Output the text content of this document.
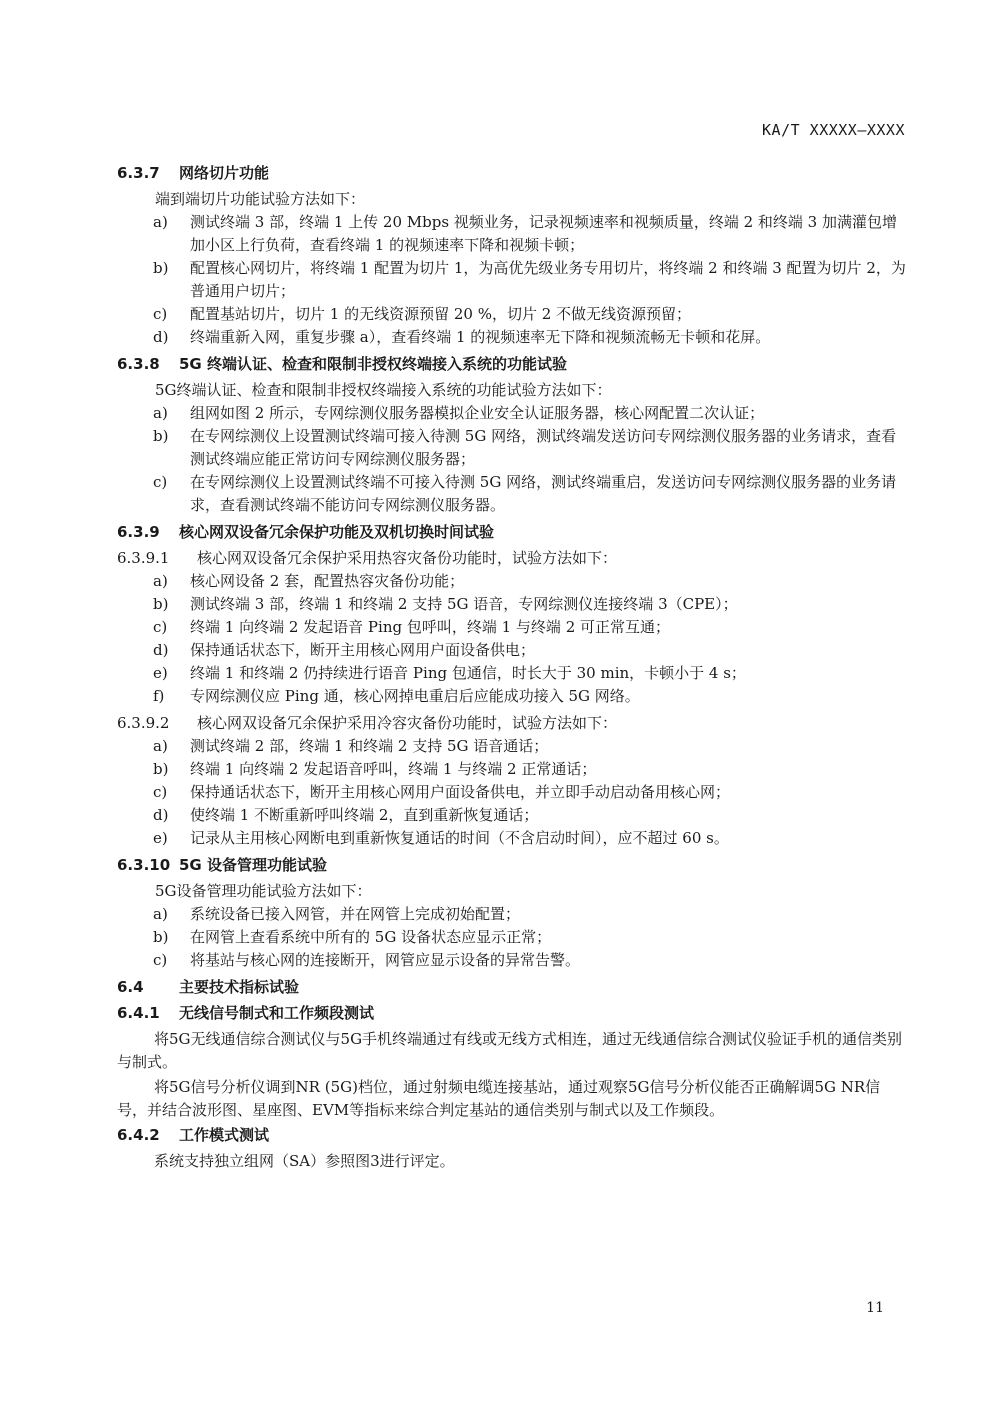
KA/T XXXXX—XXXX
6.3.7 网络切片功能
端到端切片功能试验方法如下：
a) 测试终端 3 部，终端 1 上传 20 Mbps 视频业务，记录视频速率和视频质量，终端 2 和终端 3 加满灌包增加小区上行负荷，查看终端 1 的视频速率下降和视频卡顿；
b) 配置核心网切片，将终端 1 配置为切片 1，为高优先级业务专用切片，将终端 2 和终端 3 配置为切片 2，为普通用户切片；
c) 配置基站切片，切片 1 的无线资源预留 20 %，切片 2 不做无线资源预留；
d) 终端重新入网，重复步骤 a），查看终端 1 的视频速率无下降和视频流畅无卡顿和花屏。
6.3.8 5G 终端认证、检查和限制非授权终端接入系统的功能试验
5G终端认证、检查和限制非授权终端接入系统的功能试验方法如下：
a) 组网如图 2 所示，专网综测仪服务器模拟企业安全认证服务器，核心网配置二次认证；
b) 在专网综测仪上设置测试终端可接入待测 5G 网络，测试终端发送访问专网综测仪服务器的业务请求，查看测试终端应能正常访问专网综测仪服务器；
c) 在专网综测仪上设置测试终端不可接入待测 5G 网络，测试终端重启，发送访问专网综测仪服务器的业务请求，查看测试终端不能访问专网综测仪服务器。
6.3.9 核心网双设备冗余保护功能及双机切换时间试验
6.3.9.1 核心网双设备冗余保护采用热容灾备份功能时，试验方法如下：
a) 核心网设备 2 套，配置热容灾备份功能；
b) 测试终端 3 部，终端 1 和终端 2 支持 5G 语音，专网综测仪连接终端 3（CPE）；
c) 终端 1 向终端 2 发起语音 Ping 包呼叫，终端 1 与终端 2 可正常互通；
d) 保持通话状态下，断开主用核心网用户面设备供电；
e) 终端 1 和终端 2 仍持续进行语音 Ping 包通信，时长大于 30 min，卡顿小于 4 s；
f) 专网综测仪应 Ping 通，核心网掉电重启后应能成功接入 5G 网络。
6.3.9.2 核心网双设备冗余保护采用冷容灾备份功能时，试验方法如下：
a) 测试终端 2 部，终端 1 和终端 2 支持 5G 语音通话；
b) 终端 1 向终端 2 发起语音呼叫，终端 1 与终端 2 正常通话；
c) 保持通话状态下，断开主用核心网用户面设备供电，并立即手动启动备用核心网；
d) 使终端 1 不断重新呼叫终端 2，直到重新恢复通话；
e) 记录从主用核心网断电到重新恢复通话的时间（不含启动时间），应不超过 60 s。
6.3.10 5G 设备管理功能试验
5G设备管理功能试验方法如下：
a) 系统设备已接入网管，并在网管上完成初始配置；
b) 在网管上查看系统中所有的 5G 设备状态应显示正常；
c) 将基站与核心网的连接断开，网管应显示设备的异常告警。
6.4 主要技术指标试验
6.4.1 无线信号制式和工作频段测试

将5G无线通信综合测试仪与5G手机终端通过有线或无线方式相连，通过无线通信综合测试仪验证手机的通信类别与制式。

将5G信号分析仪调到NR (5G)档位，通过射频电缆连接基站，通过观察5G信号分析仪能否正确解调5G NR信号，并结合波形图、星座图、EVM等指标来综合判定基站的通信类别与制式以及工作频段。

6.4.2 工作模式测试

系统支持独立组网（SA）参照图3进行评定。

11
